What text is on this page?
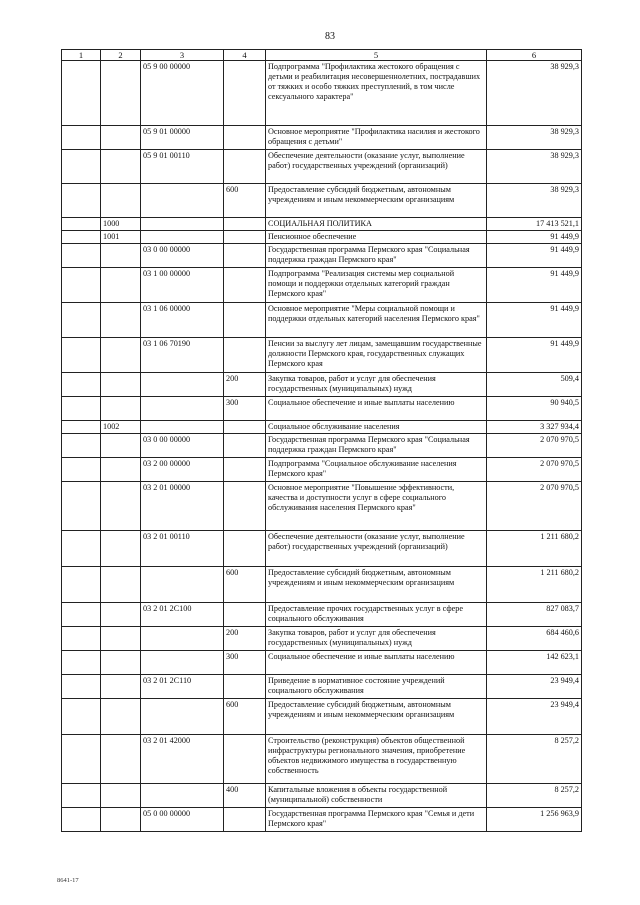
83
1	2	3	4	5	6
		05 9 00 00000		Подпрограмма "Профилактика жестокого обращения с детьми и реабилитация несовершеннолетних, пострадавших от тяжких и особо тяжких преступлений, в том числе сексуального характера"	38 929,3
		05 9 01 00000		Основное мероприятие "Профилактика насилия и жестокого обращения с детьми"	38 929,3
		05 9 01 00110		Обеспечение деятельности (оказание услуг, выполнение работ) государственных учреждений (организаций)	38 929,3
			600	Предоставление субсидий бюджетным, автономным учреждениям и иным некоммерческим организациям	38 929,3
	1000			СОЦИАЛЬНАЯ ПОЛИТИКА	17 413 521,1
	1001			Пенсионное обеспечение	91 449,9
		03 0 00 00000		Государственная программа Пермского края "Социальная поддержка граждан Пермского края"	91 449,9
		03 1 00 00000		Подпрограмма "Реализация системы мер социальной помощи и поддержки отдельных категорий граждан Пермского края"	91 449,9
		03 1 06 00000		Основное мероприятие "Меры социальной помощи и поддержки отдельных категорий населения Пермского края"	91 449,9
		03 1 06 70190		Пенсии за выслугу лет лицам, замещавшим государственные должности Пермского края, государственных служащих Пермского края	91 449,9
			200	Закупка товаров, работ и услуг для обеспечения государственных (муниципальных) нужд	509,4
			300	Социальное обеспечение и иные выплаты населению	90 940,5
	1002			Социальное обслуживание населения	3 327 934,4
		03 0 00 00000		Государственная программа Пермского края "Социальная поддержка граждан Пермского края"	2 070 970,5
		03 2 00 00000		Подпрограмма "Социальное обслуживание населения Пермского края"	2 070 970,5
		03 2 01 00000		Основное мероприятие "Повышение эффективности, качества и доступности услуг в сфере социального обслуживания населения Пермского края"	2 070 970,5
		03 2 01 00110		Обеспечение деятельности (оказание услуг, выполнение работ) государственных учреждений (организаций)	1 211 680,2
			600	Предоставление субсидий бюджетным, автономным учреждениям и иным некоммерческим организациям	1 211 680,2
		03 2 01 2С100		Предоставление прочих государственных услуг в сфере социального обслуживания	827 083,7
			200	Закупка товаров, работ и услуг для обеспечения государственных (муниципальных) нужд	684 460,6
			300	Социальное обеспечение и иные выплаты населению	142 623,1
		03 2 01 2С110		Приведение в нормативное состояние учреждений социального обслуживания	23 949,4
			600	Предоставление субсидий бюджетным, автономным учреждениям и иным некоммерческим организациям	23 949,4
		03 2 01 42000		Строительство (реконструкция) объектов общественной инфраструктуры регионального значения, приобретение объектов недвижимого имущества в государственную собственность	8 257,2
			400	Капитальные вложения в объекты государственной (муниципальной) собственности	8 257,2
		05 0 00 00000		Государственная программа Пермского края "Семья и дети Пермского края"	1 256 963,9
8641-17
